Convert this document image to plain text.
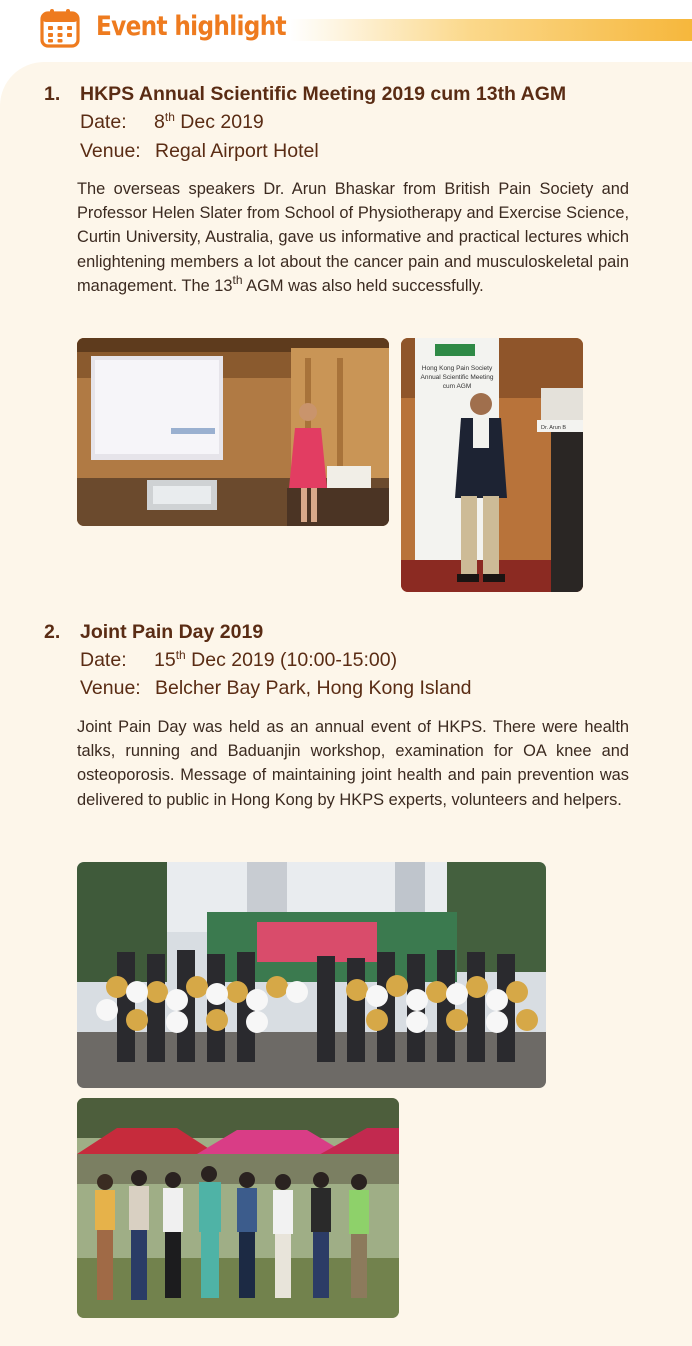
Event highlight
1. HKPS Annual Scientific Meeting 2019 cum 13th AGM
Date: 8th Dec 2019
Venue: Regal Airport Hotel

The overseas speakers Dr. Arun Bhaskar from British Pain Society and Professor Helen Slater from School of Physiotherapy and Exercise Science, Curtin University, Australia, gave us informative and practical lectures which enlightening members a lot about the cancer pain and musculoskeletal pain management. The 13th AGM was also held successfully.

Hong Kong Pain Society
Annual Scientific Meeting
cum AGM
Dr. Arun B
2. Joint Pain Day 2019
Date: 15th Dec 2019 (10:00-15:00)
Venue: Belcher Bay Park, Hong Kong Island

Joint Pain Day was held as an annual event of HKPS. There were health talks, running and Baduanjin workshop, examination for OA knee and osteoporosis. Message of maintaining joint health and pain prevention was delivered to public in Hong Kong by HKPS experts, volunteers and helpers.
